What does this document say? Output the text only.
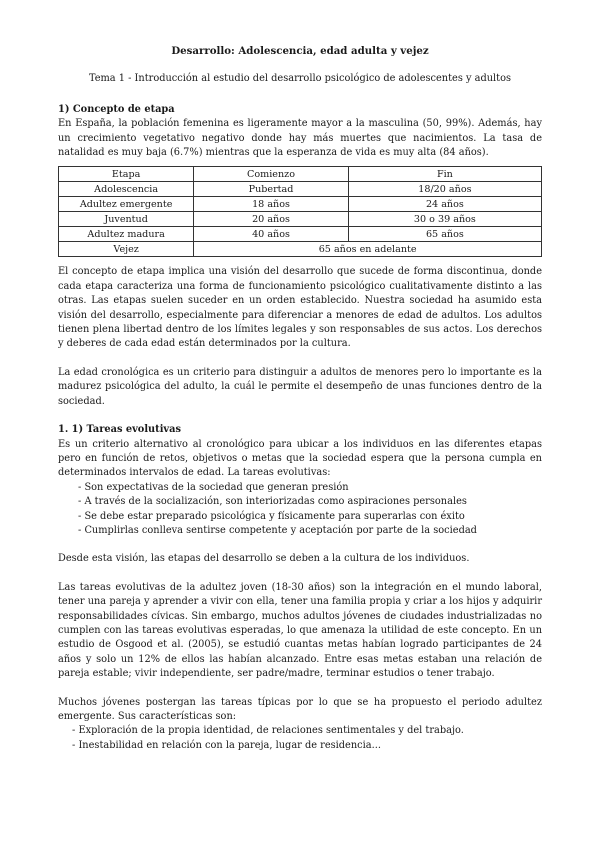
Desarrollo: Adolescencia, edad adulta y vejez
Tema 1 - Introducción al estudio del desarrollo psicológico de adolescentes y adultos
1) Concepto de etapa

En España, la población femenina es ligeramente mayor a la masculina (50, 99%). Además, hay un crecimiento vegetativo negativo donde hay más muertes que nacimientos. La tasa de natalidad es muy baja (6.7%) mientras que la esperanza de vida es muy alta (84 años).

Etapa	Comienzo	Fin
Adolescencia	Pubertad	18/20 años
Adultez emergente	18 años	24 años
Juventud	20 años	30 o 39 años
Adultez madura	40 años	65 años
Vejez	65 años en adelante	

El concepto de etapa implica una visión del desarrollo que sucede de forma discontinua, donde cada etapa caracteriza una forma de funcionamiento psicológico cualitativamente distinto a las otras. Las etapas suelen suceder en un orden establecido. Nuestra sociedad ha asumido esta visión del desarrollo, especialmente para diferenciar a menores de edad de adultos. Los adultos tienen plena libertad dentro de los límites legales y son responsables de sus actos. Los derechos y deberes de cada edad están determinados por la cultura.

La edad cronológica es un criterio para distinguir a adultos de menores pero lo importante es la madurez psicológica del adulto, la cuál le permite el desempeño de unas funciones dentro de la sociedad.

1. 1) Tareas evolutivas

Es un criterio alternativo al cronológico para ubicar a los individuos en las diferentes etapas pero en función de retos, objetivos o metas que la sociedad espera que la persona cumpla en determinados intervalos de edad. La tareas evolutivas:

- Son expectativas de la sociedad que generan presión
- A través de la socialización, son interiorizadas como aspiraciones personales
- Se debe estar preparado psicológica y físicamente para superarlas con éxito
- Cumplirlas conlleva sentirse competente y aceptación por parte de la sociedad

Desde esta visión, las etapas del desarrollo se deben a la cultura de los individuos.

Las tareas evolutivas de la adultez joven (18-30 años) son la integración en el mundo laboral, tener una pareja y aprender a vivir con ella, tener una familia propia y criar a los hijos y adquirir responsabilidades cívicas. Sin embargo, muchos adultos jóvenes de ciudades industrializadas no cumplen con las tareas evolutivas esperadas, lo que amenaza la utilidad de este concepto. En un estudio de Osgood et al. (2005), se estudió cuantas metas habían logrado participantes de 24 años y solo un 12% de ellos las habían alcanzado. Entre esas metas estaban una relación de pareja estable; vivir independiente, ser padre/madre, terminar estudios o tener trabajo.

Muchos jóvenes postergan las tareas típicas por lo que se ha propuesto el periodo adultez emergente. Sus características son:

- Exploración de la propia identidad, de relaciones sentimentales y del trabajo.
- Inestabilidad en relación con la pareja, lugar de residencia...
